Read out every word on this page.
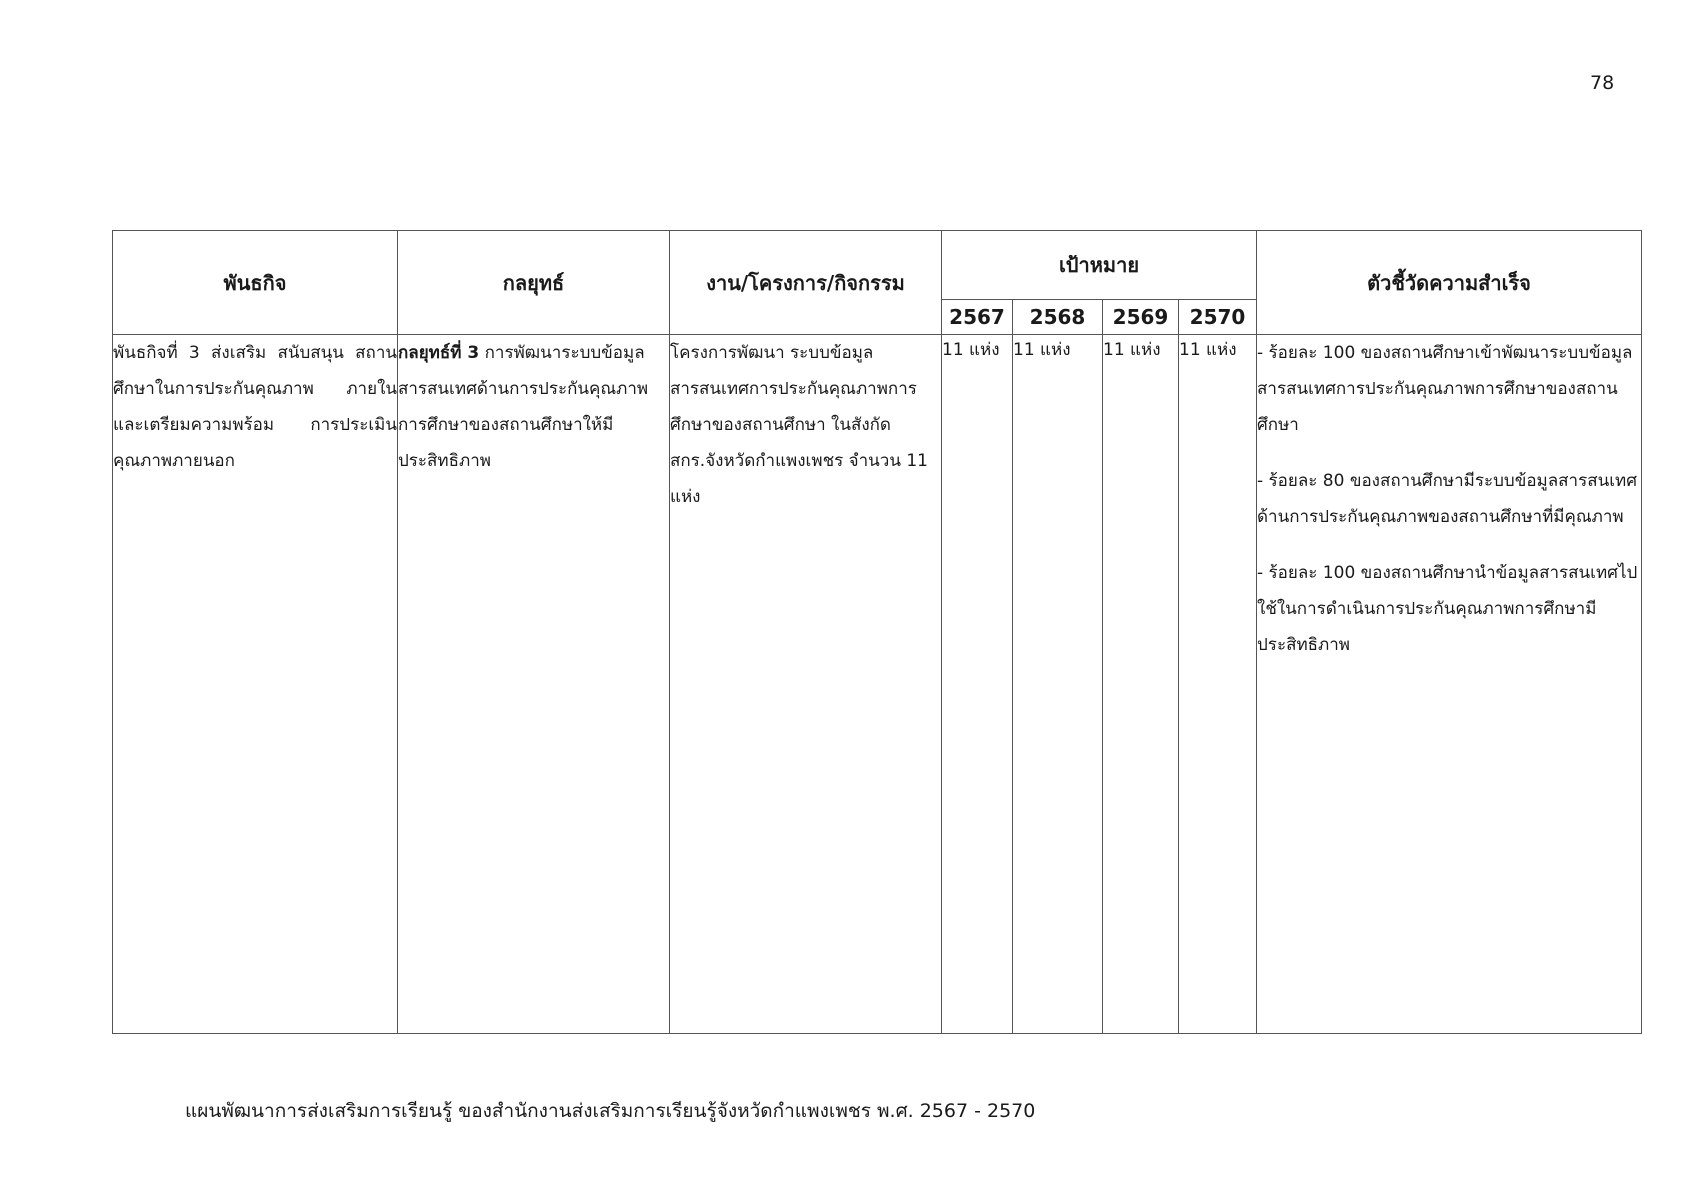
78
พันธกิจ	กลยุทธ์	งาน/โครงการ/กิจกรรม	เป้าหมาย				ตัวชี้วัดความสำเร็จ
			2567	2568	2569	2570	
พันธกิจที่ 3 ส่งเสริม สนับสนุน สถานศึกษาในการประกันคุณภาพ ภายใน และเตรียมความพร้อม การประเมินคุณภาพภายนอก	กลยุทธ์ที่ 3 การพัฒนาระบบข้อมูลสารสนเทศด้านการประกันคุณภาพการศึกษาของสถานศึกษาให้มีประสิทธิภาพ	โครงการพัฒนา ระบบข้อมูลสารสนเทศการประกันคุณภาพการศึกษาของสถานศึกษา ในสังกัด สกร.จังหวัดกำแพงเพชร จำนวน 11 แห่ง	11 แห่ง	11 แห่ง	11 แห่ง	11 แห่ง	- ร้อยละ 100 ของสถานศึกษาเข้าพัฒนาระบบข้อมูลสารสนเทศการประกันคุณภาพการศึกษาของสถานศึกษา
- ร้อยละ 80 ของสถานศึกษามีระบบข้อมูลสารสนเทศด้านการประกันคุณภาพของสถานศึกษาที่มีคุณภาพ
- ร้อยละ 100 ของสถานศึกษานำข้อมูลสารสนเทศไปใช้ในการดำเนินการประกันคุณภาพการศึกษามีประสิทธิภาพ
แผนพัฒนาการส่งเสริมการเรียนรู้ ของสำนักงานส่งเสริมการเรียนรู้จังหวัดกำแพงเพชร พ.ศ. 2567 - 2570
